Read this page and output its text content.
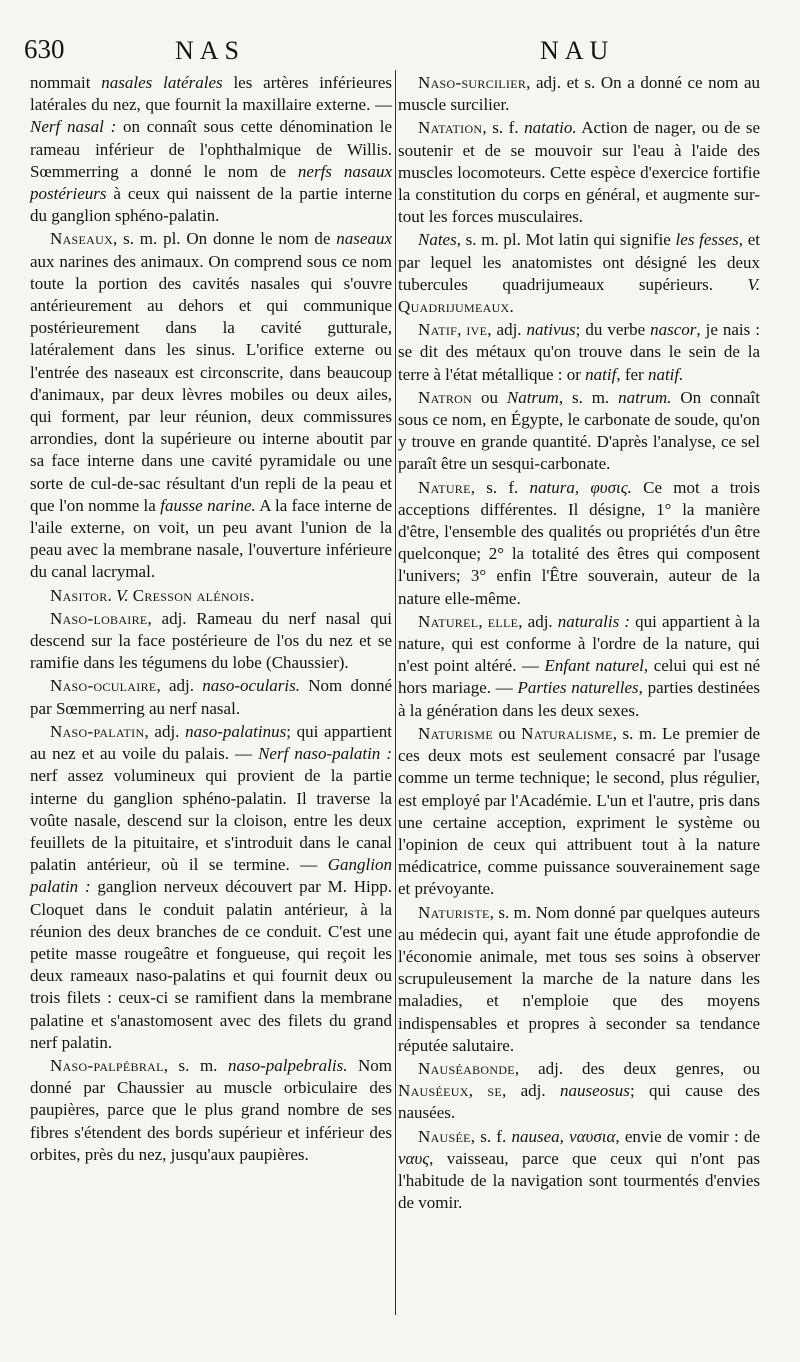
630	NAS	NAU

nommait nasales latérales les artères inférieures latérales du nez, que fournit la maxillaire externe. — Nerf nasal : on connaît sous cette dénomination le rameau inférieur de l'ophthalmique de Willis. Sœmmerring a donné le nom de nerfs nasaux postérieurs à ceux qui naissent de la partie interne du ganglion sphéno-palatin.

Naseaux, s. m. pl. On donne le nom de naseaux aux narines des animaux. On comprend sous ce nom toute la portion des cavités nasales qui s'ouvre antérieurement au dehors et qui communique postérieurement dans la cavité gutturale, latéralement dans les sinus. L'orifice externe ou l'entrée des naseaux est circonscrite, dans beaucoup d'animaux, par deux lèvres mobiles ou deux ailes, qui forment, par leur réunion, deux commissures arrondies, dont la supérieure ou interne aboutit par sa face interne dans une cavité pyramidale ou une sorte de cul-de-sac résultant d'un repli de la peau et que l'on nomme la fausse narine. A la face interne de l'aile externe, on voit, un peu avant l'union de la peau avec la membrane nasale, l'ouverture inférieure du canal lacrymal.

Nasitor. V. Cresson alénois.

Naso-lobaire, adj. Rameau du nerf nasal qui descend sur la face postérieure de l'os du nez et se ramifie dans les tégumens du lobe (Chaussier).

Naso-oculaire, adj. naso-ocularis. Nom donné par Sœmmerring au nerf nasal.

Naso-palatin, adj. naso-palatinus; qui appartient au nez et au voile du palais. — Nerf naso-palatin : nerf assez volumineux qui provient de la partie interne du ganglion sphéno-palatin. Il traverse la voûte nasale, descend sur la cloison, entre les deux feuillets de la pituitaire, et s'introduit dans le canal palatin antérieur, où il se termine. — Ganglion palatin : ganglion nerveux découvert par M. Hipp. Cloquet dans le conduit palatin antérieur, à la réunion des deux branches de ce conduit. C'est une petite masse rougeâtre et fongueuse, qui reçoit les deux rameaux naso-palatins et qui fournit deux ou trois filets : ceux-ci se ramifient dans la membrane palatine et s'anastomosent avec des filets du grand nerf palatin.

Naso-palpébral, s. m. naso-palpebralis. Nom donné par Chaussier au muscle orbiculaire des paupières, parce que le plus grand nombre de ses fibres s'étendent des bords supérieur et inférieur des orbites, près du nez, jusqu'aux paupières.

Naso-surcilier, adj. et s. On a donné ce nom au muscle surcilier.

Natation, s. f. natatio. Action de nager, ou de se soutenir et de se mouvoir sur l'eau à l'aide des muscles locomoteurs. Cette espèce d'exercice fortifie la constitution du corps en général, et augmente sur-tout les forces musculaires.

Nates, s. m. pl. Mot latin qui signifie les fesses, et par lequel les anatomistes ont désigné les deux tubercules quadrijumeaux supérieurs. V. Quadrijumeaux.

Natif, ive, adj. nativus; du verbe nascor, je nais : se dit des métaux qu'on trouve dans le sein de la terre à l'état métallique : or natif, fer natif.

Natron ou Natrum, s. m. natrum. On connaît sous ce nom, en Égypte, le carbonate de soude, qu'on y trouve en grande quantité. D'après l'analyse, ce sel paraît être un sesqui-carbonate.

Nature, s. f. natura, φυσις. Ce mot a trois acceptions différentes. Il désigne, 1° la manière d'être, l'ensemble des qualités ou propriétés d'un être quelconque; 2° la totalité des êtres qui composent l'univers; 3° enfin l'Être souverain, auteur de la nature elle-même.

Naturel, elle, adj. naturalis : qui appartient à la nature, qui est conforme à l'ordre de la nature, qui n'est point altéré. — Enfant naturel, celui qui est né hors mariage. — Parties naturelles, parties destinées à la génération dans les deux sexes.

Naturisme ou Naturalisme, s. m. Le premier de ces deux mots est seulement consacré par l'usage comme un terme technique; le second, plus régulier, est employé par l'Académie. L'un et l'autre, pris dans une certaine acception, expriment le système ou l'opinion de ceux qui attribuent tout à la nature médicatrice, comme puissance souverainement sage et prévoyante.

Naturiste, s. m. Nom donné par quelques auteurs au médecin qui, ayant fait une étude approfondie de l'économie animale, met tous ses soins à observer scrupuleusement la marche de la nature dans les maladies, et n'emploie que des moyens indispensables et propres à seconder sa tendance réputée salutaire.

Nauséabonde, adj. des deux genres, ou Nauséeux, se, adj. nauseosus; qui cause des nausées.

Nausée, s. f. nausea, ναυσια, envie de vomir : de ναυς, vaisseau, parce que ceux qui n'ont pas l'habitude de la navigation sont tourmentés d'envies de vomir.
